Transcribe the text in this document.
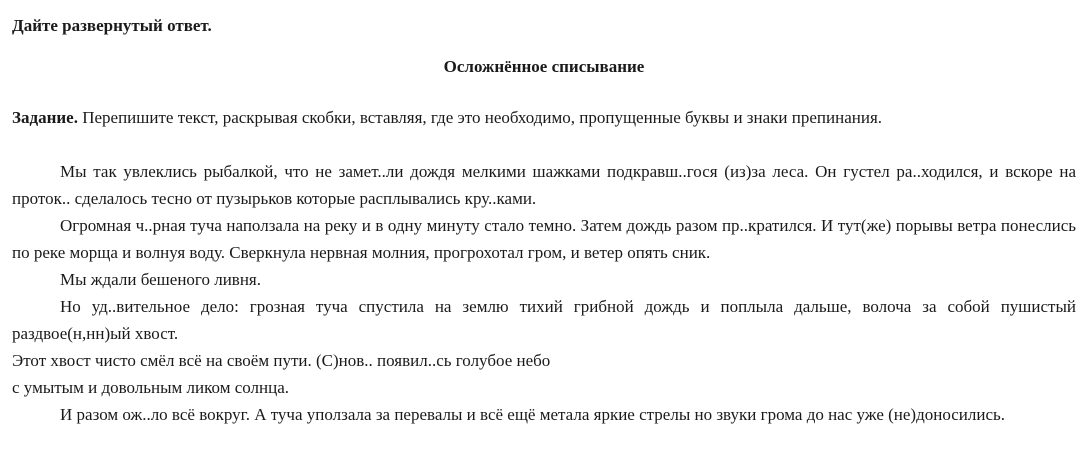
Дайте развернутый ответ.
Осложнённое списывание
Задание. Перепишите текст, раскрывая скобки, вставляя, где это необходимо, пропущенные буквы и знаки препинания.

Мы так увлеклись рыбалкой, что не замет..ли дождя мелкими шажками подкравш..гося (из)за леса. Он густел ра..ходился, и вскоре на проток.. сделалось тесно от пузырьков которые расплывались кру..ками.

Огромная ч..рная туча наползала на реку и в одну минуту стало темно. Затем дождь разом пр..кратился. И тут(же) порывы ветра понеслись по реке морща и волнуя воду. Сверкнула нервная молния, прогрохотал гром, и ветер опять сник.

Мы ждали бешеного ливня.

Но уд..вительное дело: грозная туча спустила на землю тихий грибной дождь и поплыла дальше, волоча за собой пушистый раздвое(н,нн)ый хвост.

Этот хвост чисто смёл всё на своём пути. (С)нов.. появил..сь голубое небо

с умытым и довольным ликом солнца.

И разом ож..ло всё вокруг. А туча уползала за перевалы и всё ещё метала яркие стрелы но звуки грома до нас уже (не)доносились.
